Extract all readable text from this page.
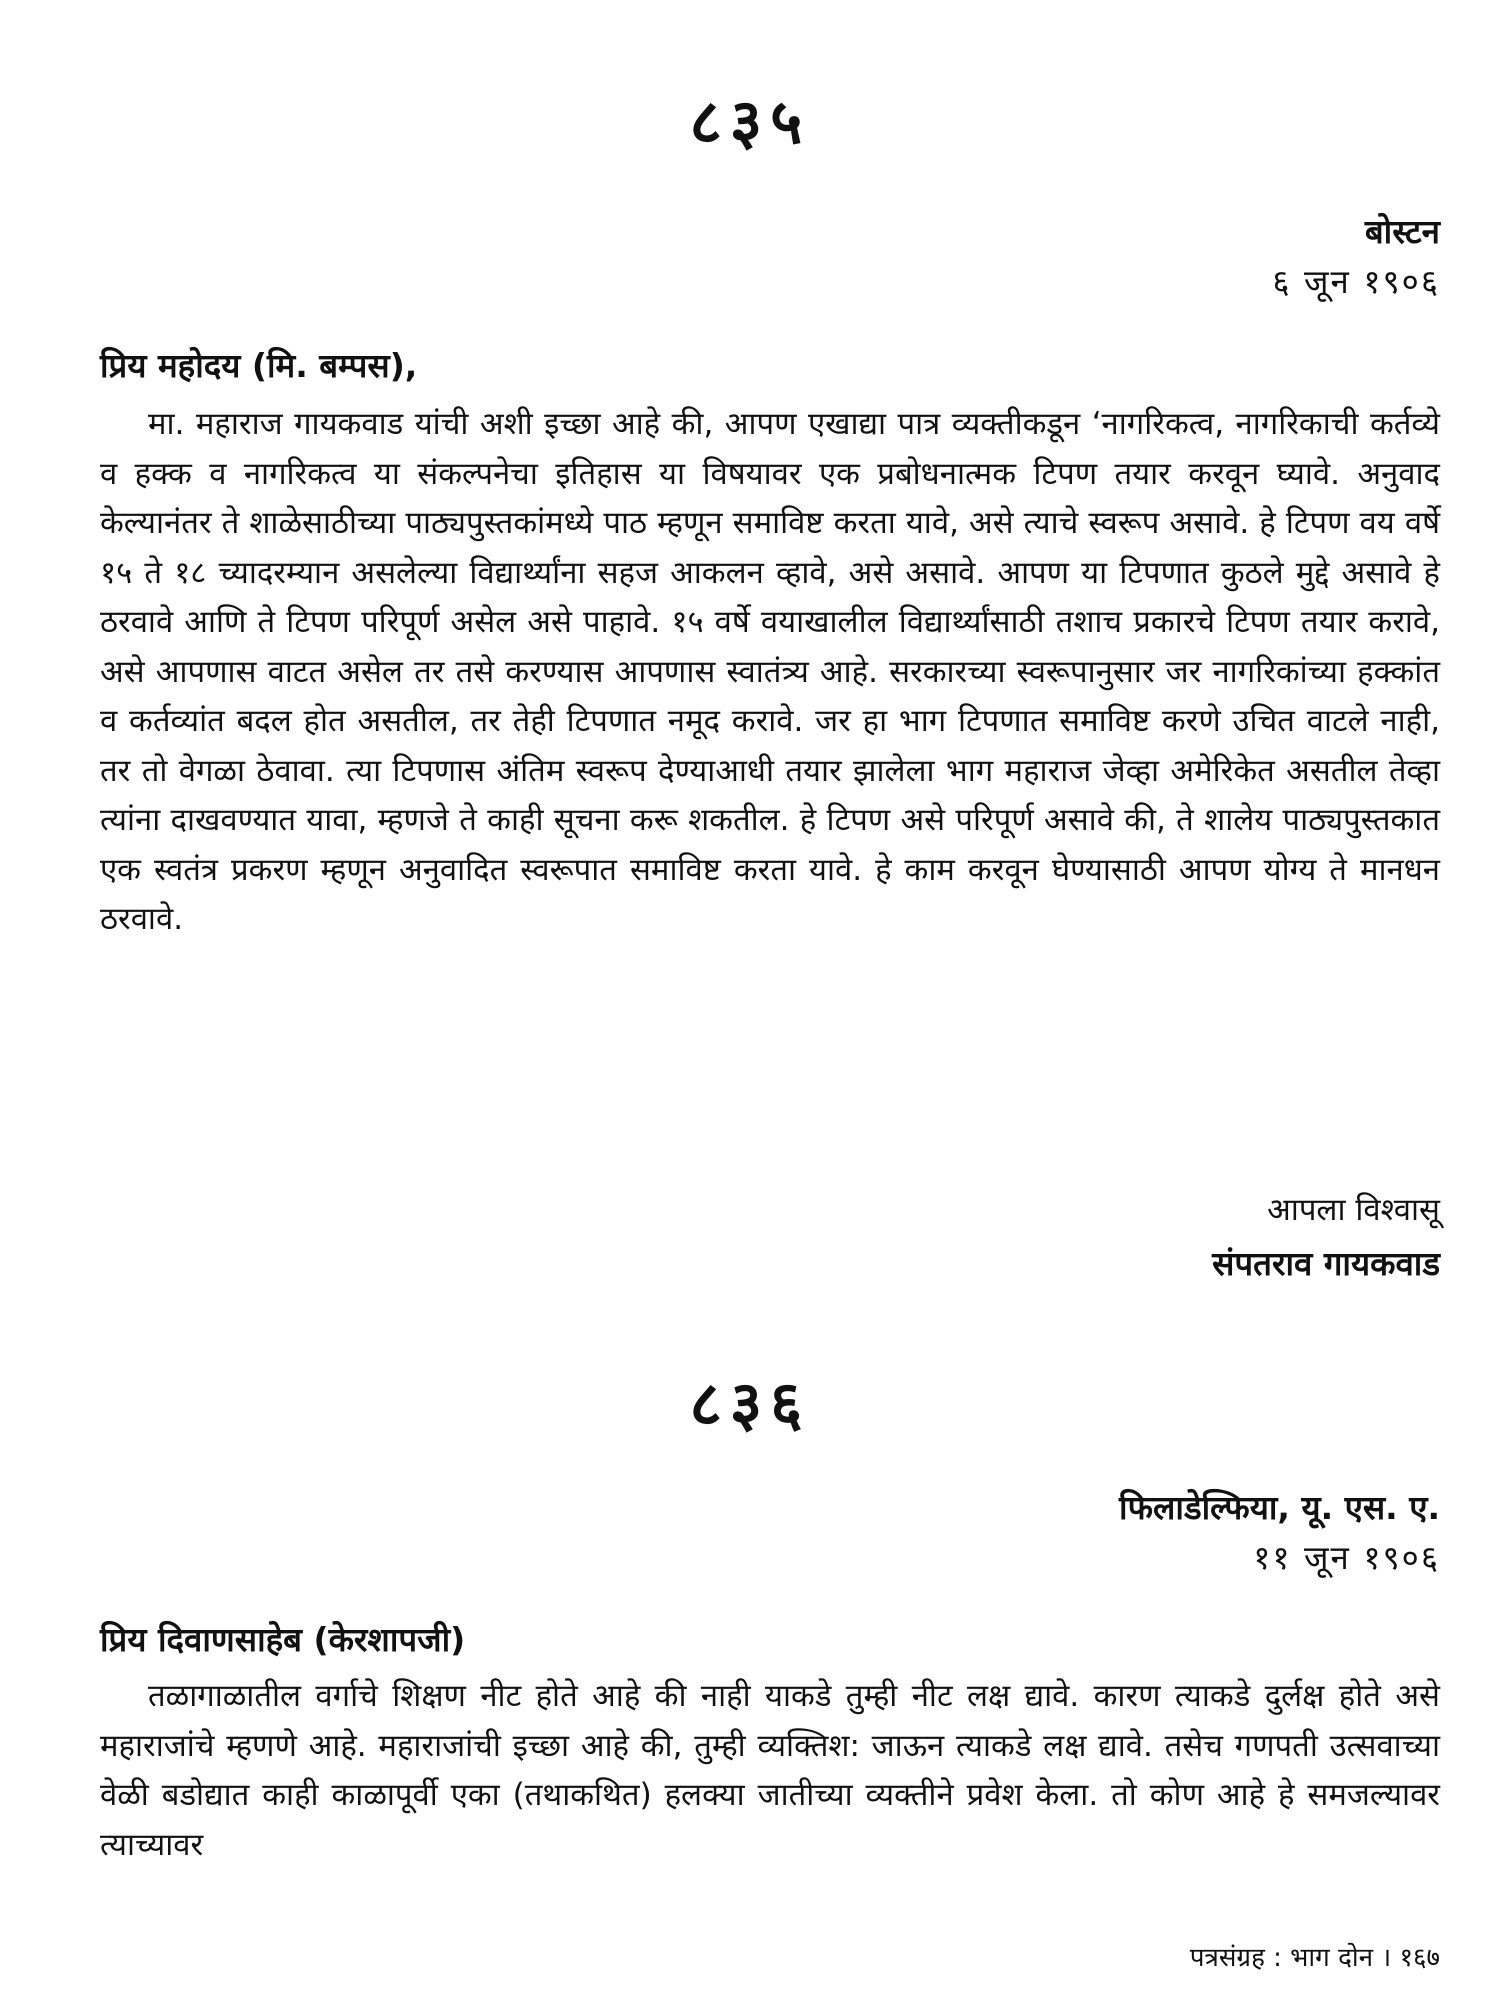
८३५
बोस्टन
६ जून १९०६
प्रिय महोदय (मि. बम्पस),

मा. महाराज गायकवाड यांची अशी इच्छा आहे की, आपण एखाद्या पात्र व्यक्तीकडून ‘नागरिकत्व, नागरिकाची कर्तव्ये व हक्क व नागरिकत्व या संकल्पनेचा इतिहास या विषयावर एक प्रबोधनात्मक टिपण तयार करवून घ्यावे. अनुवाद केल्यानंतर ते शाळेसाठीच्या पाठ्यपुस्तकांमध्ये पाठ म्हणून समाविष्ट करता यावे, असे त्याचे स्वरूप असावे. हे टिपण वय वर्षे १५ ते १८ च्यादरम्यान असलेल्या विद्यार्थ्यांना सहज आकलन व्हावे, असे असावे. आपण या टिपणात कुठले मुद्दे असावे हे ठरवावे आणि ते टिपण परिपूर्ण असेल असे पाहावे. १५ वर्षे वयाखालील विद्यार्थ्यांसाठी तशाच प्रकारचे टिपण तयार करावे, असे आपणास वाटत असेल तर तसे करण्यास आपणास स्वातंत्र्य आहे. सरकारच्या स्वरूपानुसार जर नागरिकांच्या हक्कांत व कर्तव्यांत बदल होत असतील, तर तेही टिपणात नमूद करावे. जर हा भाग टिपणात समाविष्ट करणे उचित वाटले नाही, तर तो वेगळा ठेवावा. त्या टिपणास अंतिम स्वरूप देण्याआधी तयार झालेला भाग महाराज जेव्हा अमेरिकेत असतील तेव्हा त्यांना दाखवण्यात यावा, म्हणजे ते काही सूचना करू शकतील. हे टिपण असे परिपूर्ण असावे की, ते शालेय पाठ्यपुस्तकात एक स्वतंत्र प्रकरण म्हणून अनुवादित स्वरूपात समाविष्ट करता यावे. हे काम करवून घेण्यासाठी आपण योग्य ते मानधन ठरवावे.

आपला विश्वासू
संपतराव गायकवाड
८३६
फिलाडेल्फिया, यू. एस. ए.
११ जून १९०६
प्रिय दिवाणसाहेब (केरशापजी)

तळागाळातील वर्गाचे शिक्षण नीट होते आहे की नाही याकडे तुम्ही नीट लक्ष द्यावे. कारण त्याकडे दुर्लक्ष होते असे महाराजांचे म्हणणे आहे. महाराजांची इच्छा आहे की, तुम्ही व्यक्तिश: जाऊन त्याकडे लक्ष द्यावे. तसेच गणपती उत्सवाच्या वेळी बडोद्यात काही काळापूर्वी एका (तथाकथित) हलक्या जातीच्या व्यक्तीने प्रवेश केला. तो कोण आहे हे समजल्यावर त्याच्यावर

पत्रसंग्रह : भाग दोन । १६७
